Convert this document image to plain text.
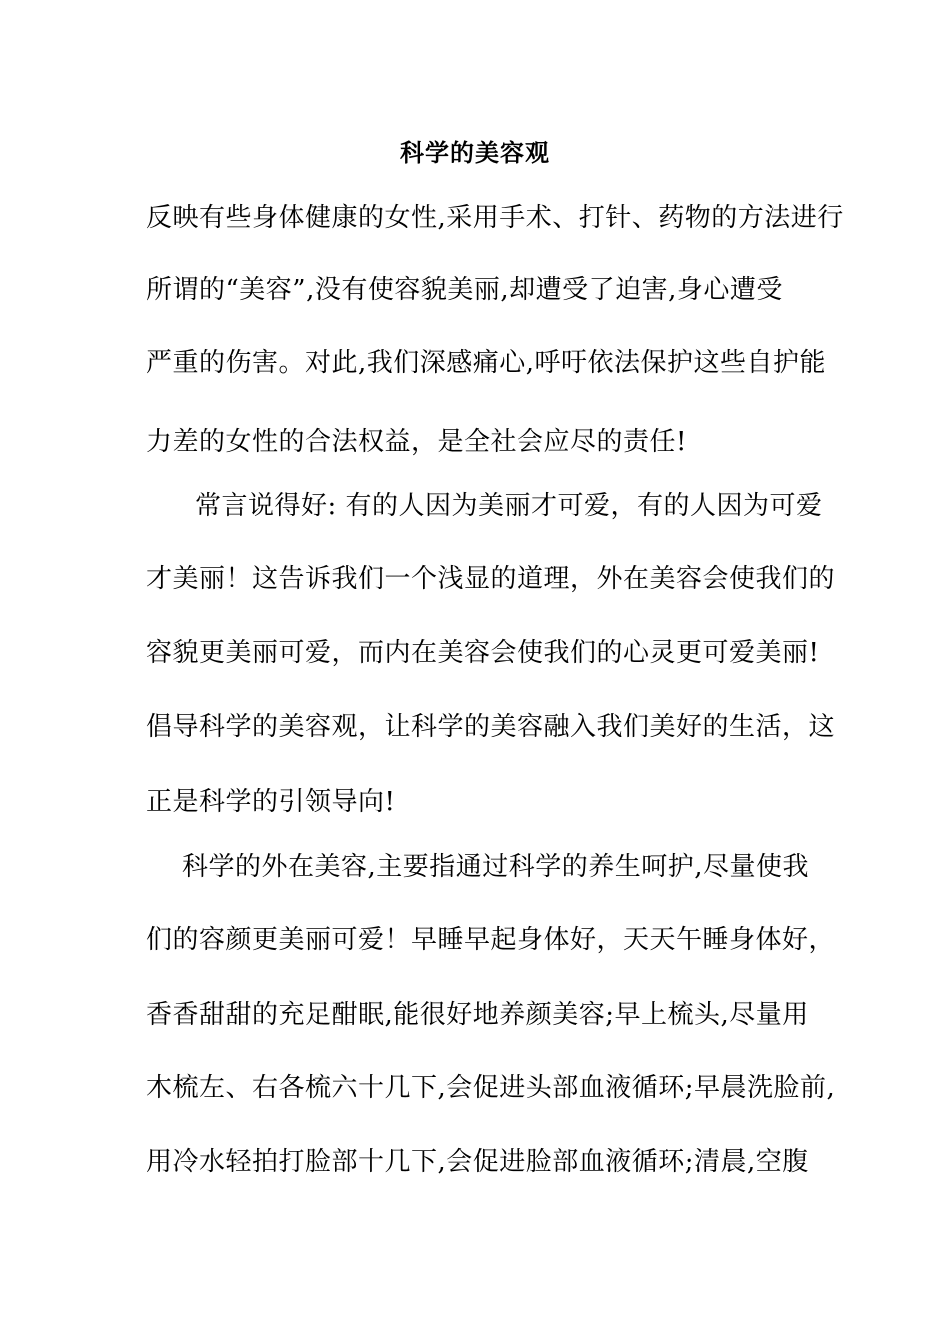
科学的美容观
反映有些身体健康的女性,采用手术、打针、药物的方法进行
所谓的“美容”,没有使容貌美丽,却遭受了迫害,身心遭受
严重的伤害。对此,我们深感痛心,呼吁依法保护这些自护能
力差的女性的合法权益，是全社会应尽的责任!
常言说得好: 有的人因为美丽才可爱，有的人因为可爱
才美丽！这告诉我们一个浅显的道理，外在美容会使我们的
容貌更美丽可爱，而内在美容会使我们的心灵更可爱美丽!
倡导科学的美容观，让科学的美容融入我们美好的生活，这
正是科学的引领导向!
科学的外在美容,主要指通过科学的养生呵护,尽量使我
们的容颜更美丽可爱！早睡早起身体好，天天午睡身体好，
香香甜甜的充足酣眠,能很好地养颜美容;早上梳头,尽量用
木梳左、右各梳六十几下,会促进头部血液循环;早晨洗脸前,
用冷水轻拍打脸部十几下,会促进脸部血液循环;清晨,空腹
